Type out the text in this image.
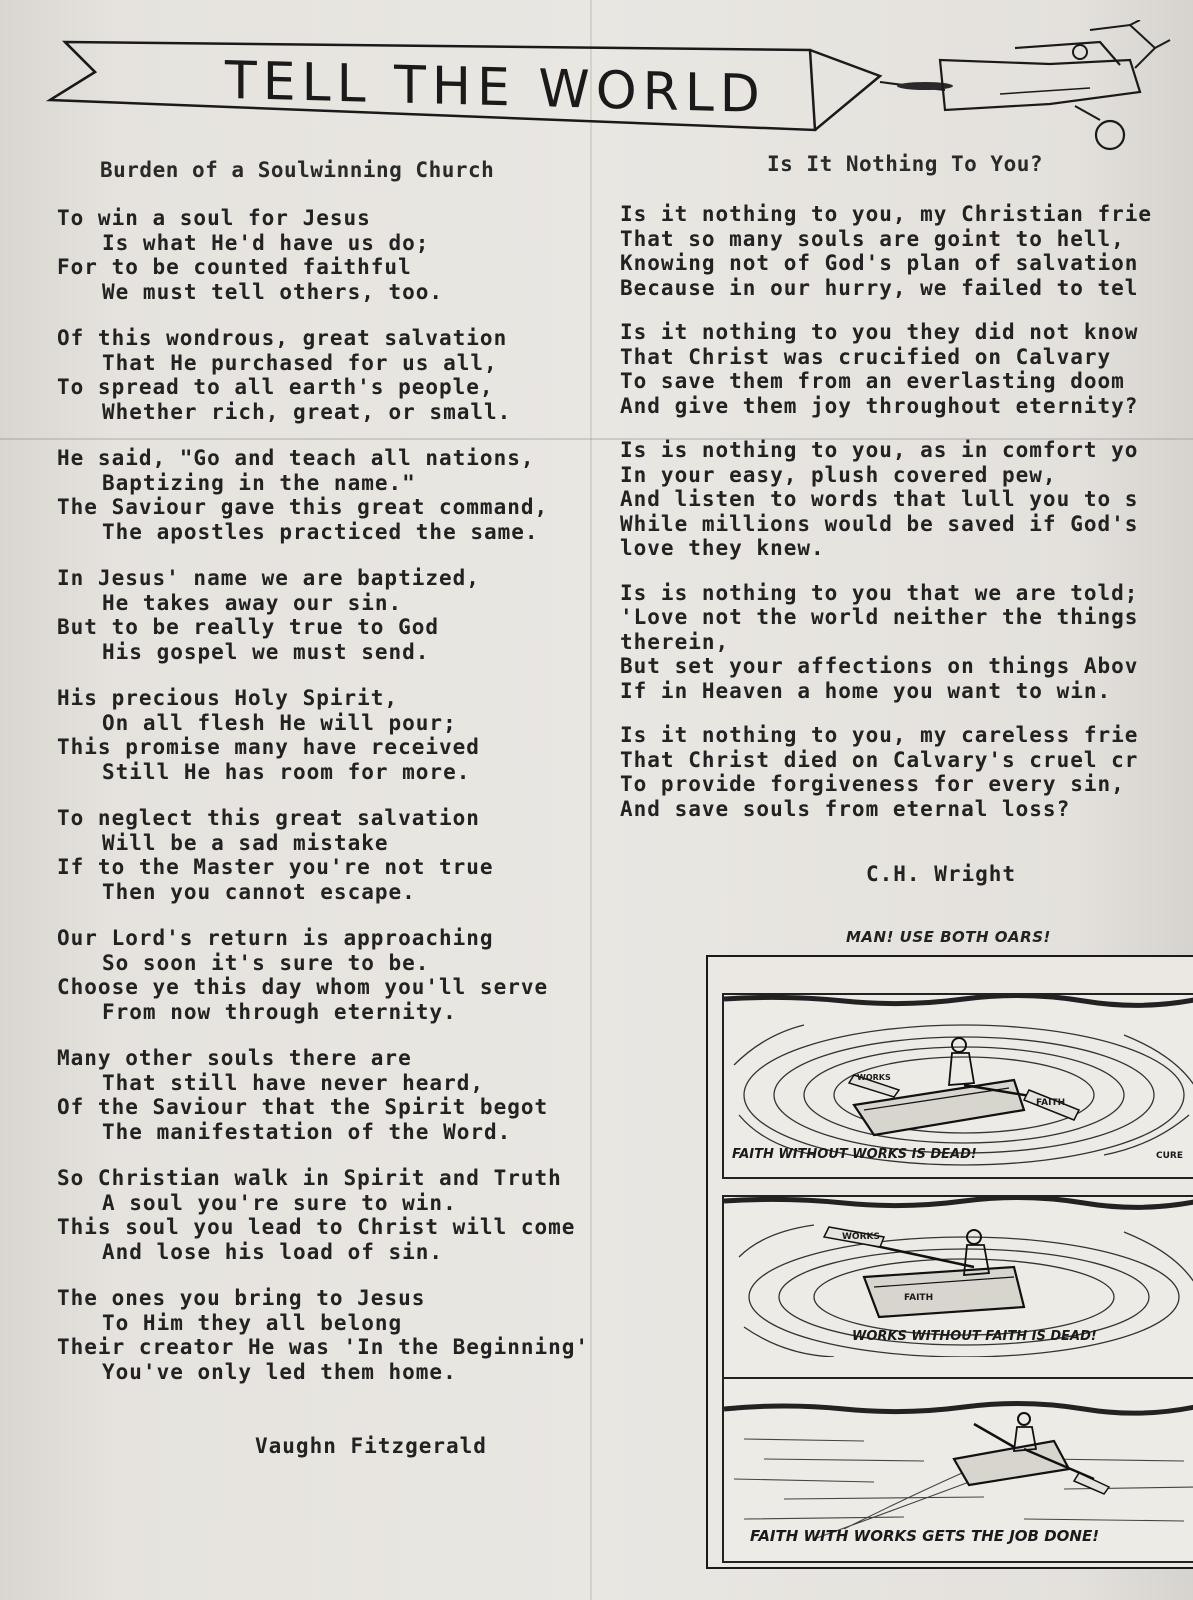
TELL THE WORLD
Burden of a Soulwinning Church
To win a soul for Jesus
Is what He'd have us do;
For to be counted faithful
We must tell others, too.
Of this wondrous, great salvation
That He purchased for us all,
To spread to all earth's people,
Whether rich, great, or small.
He said, "Go and teach all nations,
Baptizing in the name."
The Saviour gave this great command,
The apostles practiced the same.
In Jesus' name we are baptized,
He takes away our sin.
But to be really true to God
His gospel we must send.
His precious Holy Spirit,
On all flesh He will pour;
This promise many have received
Still He has room for more.
To neglect this great salvation
Will be a sad mistake
If to the Master you're not true
Then you cannot escape.
Our Lord's return is approaching
So soon it's sure to be.
Choose ye this day whom you'll serve
From now through eternity.
Many other souls there are
That still have never heard,
Of the Saviour that the Spirit begot
The manifestation of the Word.
So Christian walk in Spirit and Truth
A soul you're sure to win.
This soul you lead to Christ will come
And lose his load of sin.
The ones you bring to Jesus
To Him they all belong
Their creator He was 'In the Beginning'
You've only led them home.
Vaughn Fitzgerald
Is It Nothing To You?
Is it nothing to you, my Christian frie
That so many souls are goint to hell,
Knowing not of God's plan of salvation
Because in our hurry, we failed to tel
Is it nothing to you they did not know
That Christ was crucified on Calvary
To save them from an everlasting doom
And give them joy throughout eternity?
Is is nothing to you, as in comfort yo
In your easy, plush covered pew,
And listen to words that lull you to s
While millions would be saved if God's
love they knew.
Is is nothing to you that we are told;
'Love not the world neither the things
therein,
But set your affections on things Abov
If in Heaven a home you want to win.
Is it nothing to you, my careless frie
That Christ died on Calvary's cruel cr
To provide forgiveness for every sin,
And save souls from eternal loss?
C.H. Wright
MAN! USE BOTH OARS!
FAITH WITHOUT WORKS IS DEAD!
FAITH
WORKS
CURE
WORKS WITHOUT FAITH IS DEAD!
WORKS
FAITH
FAITH WITH WORKS GETS THE JOB DONE!
